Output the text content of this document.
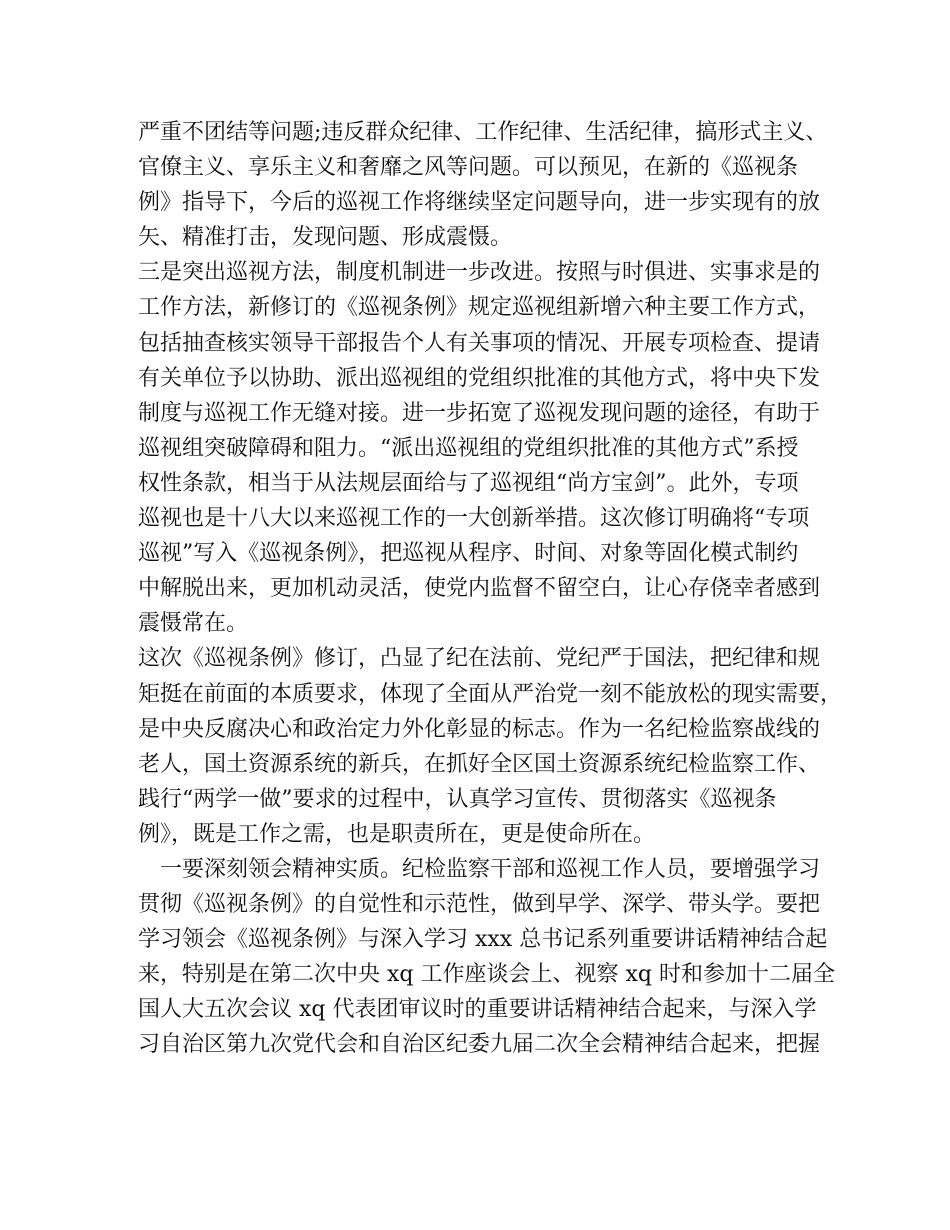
严重不团结等问题;违反群众纪律、工作纪律、生活纪律，搞形式主义、
官僚主义、享乐主义和奢靡之风等问题。可以预见，在新的《巡视条
例》指导下，今后的巡视工作将继续坚定问题导向，进一步实现有的放
矢、精准打击，发现问题、形成震慑。
三是突出巡视方法，制度机制进一步改进。按照与时俱进、实事求是的
工作方法，新修订的《巡视条例》规定巡视组新增六种主要工作方式，
包括抽查核实领导干部报告个人有关事项的情况、开展专项检查、提请
有关单位予以协助、派出巡视组的党组织批准的其他方式，将中央下发
制度与巡视工作无缝对接。进一步拓宽了巡视发现问题的途径，有助于
巡视组突破障碍和阻力。“派出巡视组的党组织批准的其他方式”系授
权性条款，相当于从法规层面给与了巡视组“尚方宝剑”。此外，专项
巡视也是十八大以来巡视工作的一大创新举措。这次修订明确将“专项
巡视”写入《巡视条例》，把巡视从程序、时间、对象等固化模式制约
中解脱出来，更加机动灵活，使党内监督不留空白，让心存侥幸者感到
震慑常在。
这次《巡视条例》修订，凸显了纪在法前、党纪严于国法，把纪律和规
矩挺在前面的本质要求，体现了全面从严治党一刻不能放松的现实需要，
是中央反腐决心和政治定力外化彰显的标志。作为一名纪检监察战线的
老人，国土资源系统的新兵，在抓好全区国土资源系统纪检监察工作、
践行“两学一做”要求的过程中，认真学习宣传、贯彻落实《巡视条
例》，既是工作之需，也是职责所在，更是使命所在。
一要深刻领会精神实质。纪检监察干部和巡视工作人员，要增强学习
贯彻《巡视条例》的自觉性和示范性，做到早学、深学、带头学。要把
学习领会《巡视条例》与深入学习 xxx 总书记系列重要讲话精神结合起
来，特别是在第二次中央 xq 工作座谈会上、视察 xq 时和参加十二届全
国人大五次会议 xq 代表团审议时的重要讲话精神结合起来，与深入学
习自治区第九次党代会和自治区纪委九届二次全会精神结合起来，把握
